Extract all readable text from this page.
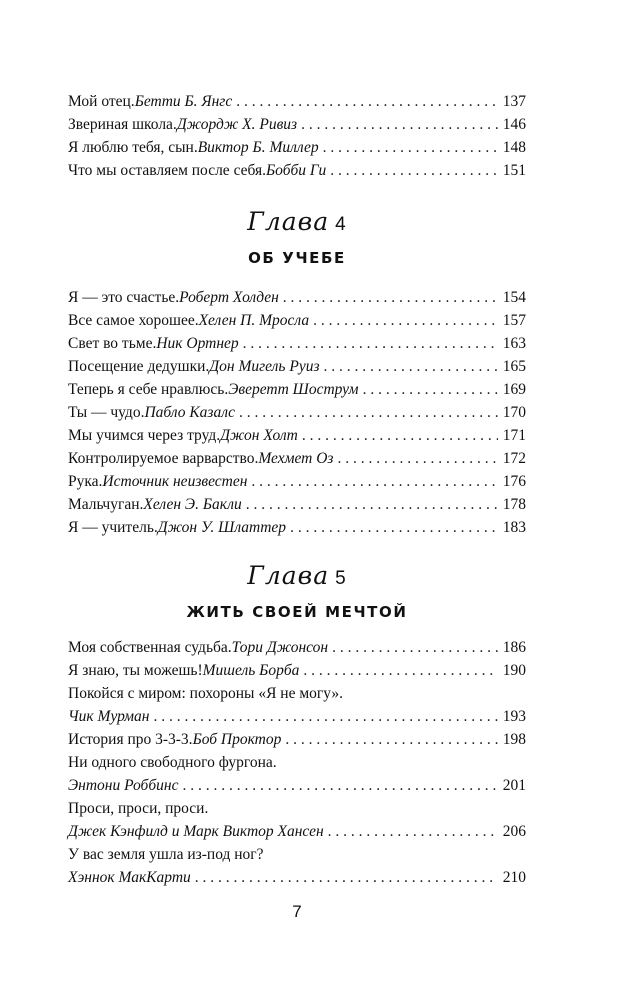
Мой отец. Бетти Б. Янгс . . .	137
Звериная школа. Джордж Х. Ривиз . . .	146
Я люблю тебя, сын. Виктор Б. Миллер . . .	148
Что мы оставляем после себя. Бобби Ги . . .	151
Глава 4
ОБ УЧЕБЕ
Я — это счастье. Роберт Холден . . .	154
Все самое хорошее. Хелен П. Мросла . . .	157
Свет во тьме. Ник Ортнер . . .	163
Посещение дедушки. Дон Мигель Руиз . . .	165
Теперь я себе нравлюсь. Эверетт Шострум . . .	169
Ты — чудо. Пабло Казалс . . .	170
Мы учимся через труд. Джон Холт . . .	171
Контролируемое варварство. Мехмет Оз . . .	172
Рука. Источник неизвестен . . .	176
Мальчуган. Хелен Э. Бакли . . .	178
Я — учитель. Джон У. Шлаттер . . .	183
Глава 5
ЖИТЬ СВОЕЙ МЕЧТОЙ
Моя собственная судьба. Тори Джонсон . . .	186
Я знаю, ты можешь! Мишель Борба . . .	190
Покойся с миром: похороны «Я не могу».
Чик Мурман . . .	193
История про 3-3-3. Боб Проктор . . .	198
Ни одного свободного фургона.
Энтони Роббинс . . .	201
Проси, проси, проси.
Джек Кэнфилд и Марк Виктор Хансен . . .	206
У вас земля ушла из-под ног?
Хэннок МакКарти . . .	210
7
